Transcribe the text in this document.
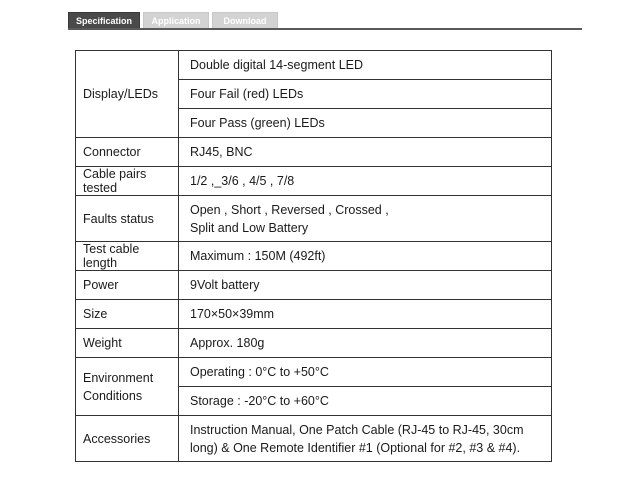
Specification	Application	Download
Display/LEDs	Double digital 14-segment LED
	Four Fail (red) LEDs
	Four Pass (green) LEDs
Connector	RJ45, BNC
Cable pairs tested	1/2 ,_3/6 , 4/5 , 7/8
Faults status	Open , Short , Reversed , Crossed ,
Split and Low Battery

Test cable length	Maximum : 150M (492ft)
Power	9Volt battery
Size	170×50×39mm
Weight	Approx. 180g

Environment
Conditions	Operating : 0°C to +50°C
	Storage : -20°C to +60°C
Accessories	Instruction Manual, One Patch Cable (RJ-45 to RJ-45, 30cm
long) & One Remote Identifier #1 (Optional for #2, #3 & #4).
